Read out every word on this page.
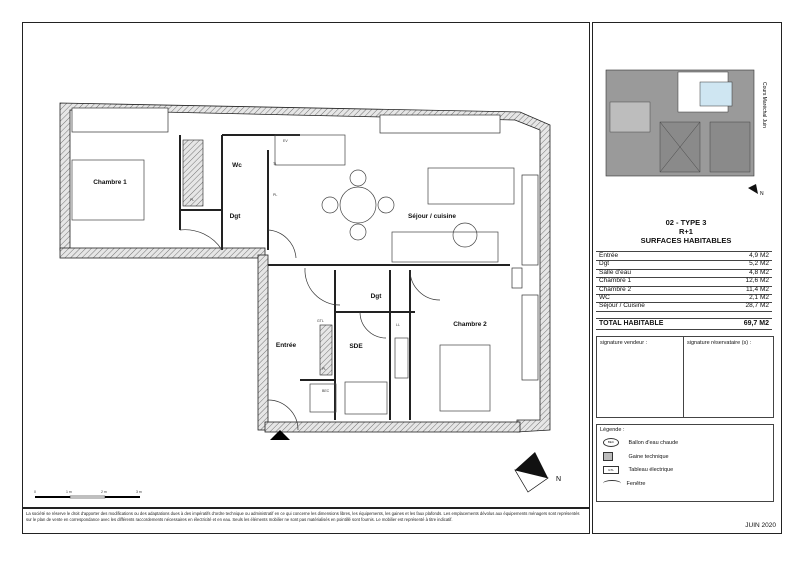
Chambre 1
Wc
Dgt	Séjour / cuisine
Dgt
Entrée	SDE
Chambre 2
EV
TL
GTL
LL
PL
PL
PL
BEC
N
0	1 m	2 m	3 m
Cours Maréchal Juin
N
02 - TYPE 3
R+1
SURFACES HABITABLES
Entrée	4,9 M2
Dgt	5,2 M2
Salle d'eau	4,8 M2
Chambre 1	12,6 M2
Chambre 2	11,4 M2
WC	2,1 M2
Séjour / Cuisine	28,7 M2
TOTAL HABITABLE	69,7 M2
signature vendeur :	signature réservataire (s) :
Légende :
BEC	Ballon d'eau chaude
Gaine technique
GTL	Tableau électrique
Fenêtre
La société se réserve le droit d'apporter des modifications ou des adaptations dues à des impératifs d'ordre technique ou administratif en ce qui concerne les dimensions libres, les équipements, les gaines et les faux plafonds. Les emplacements dévolus aux équipements ménagers sont représentés sur le plan de vente en correspondance avec les différents raccordements nécessaires en électricité et en eau. Seuls les éléments mobilier ne sont pas matérialisés en pointillé sont fournis. Le mobilier est représenté à titre indicatif.
JUIN 2020
